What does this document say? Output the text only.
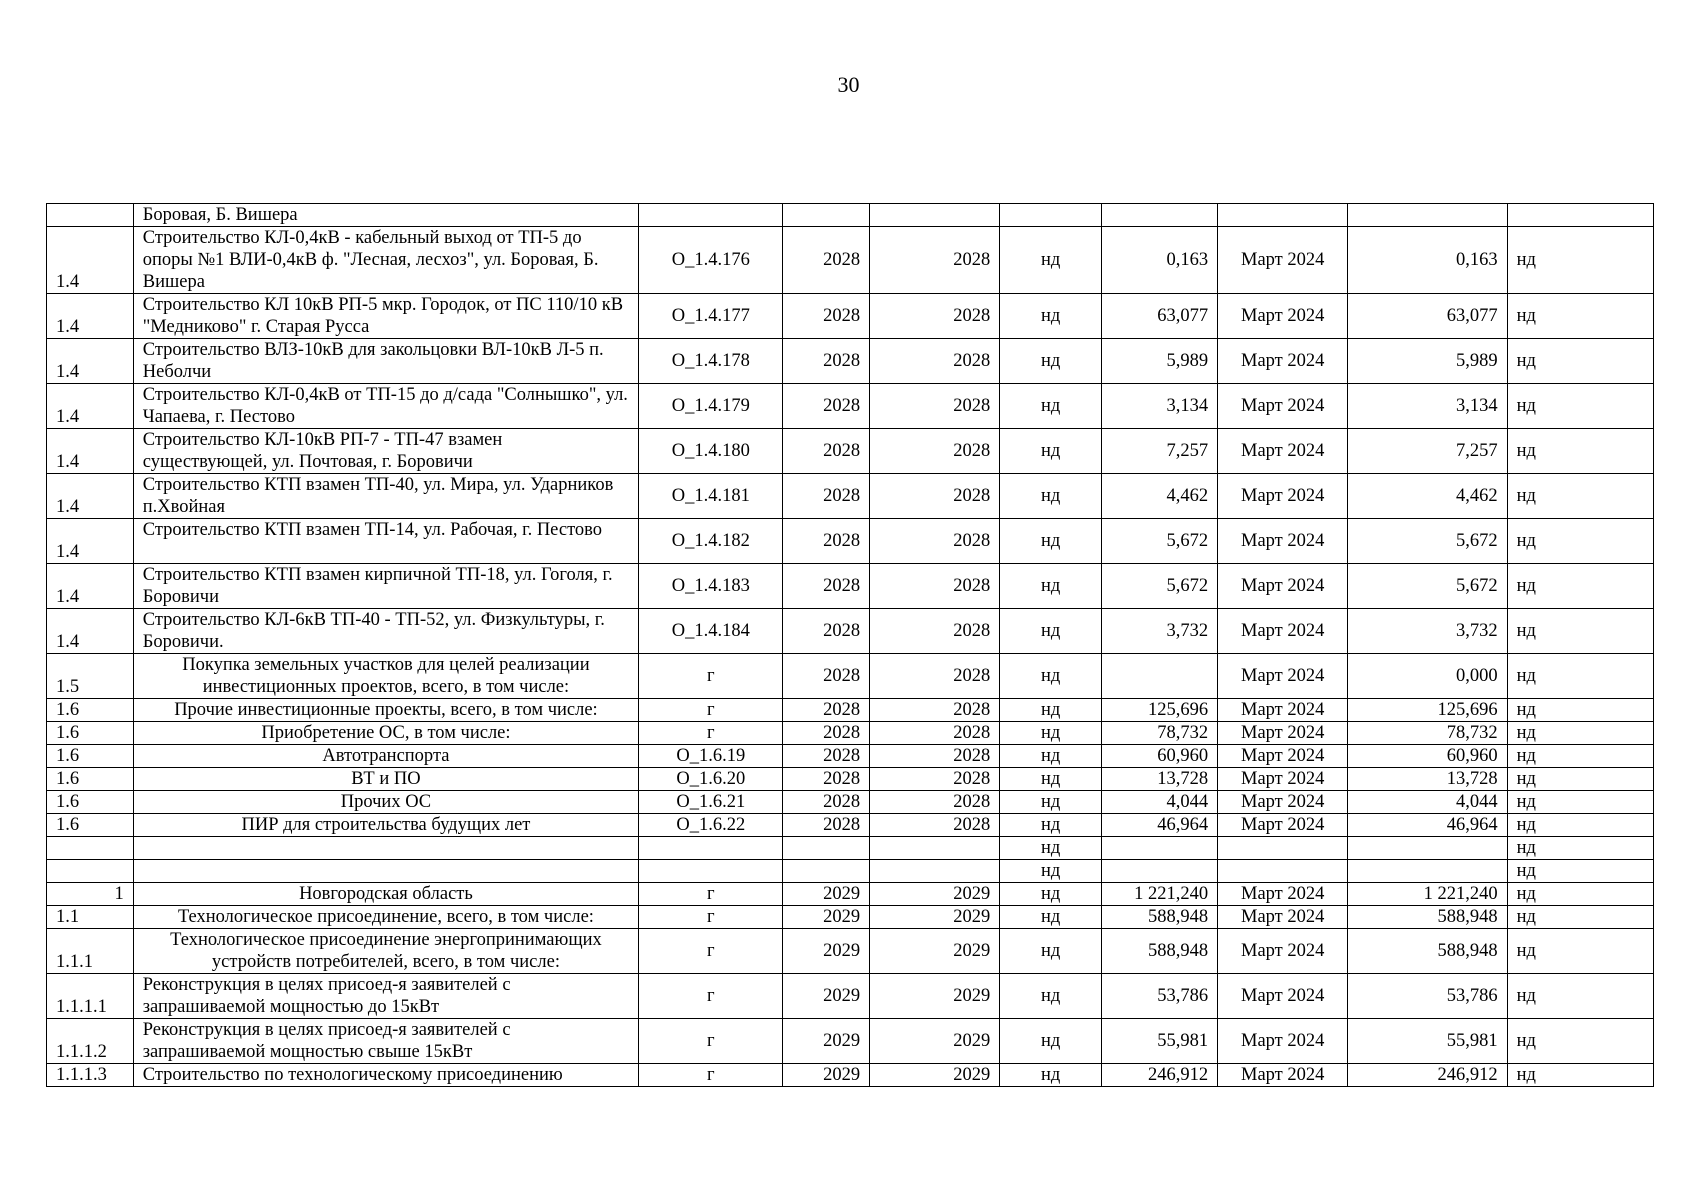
30
	Боровая, Б. Вишера								
1.4	Строительство КЛ-0,4кВ - кабельный выход от ТП-5 до опоры №1 ВЛИ-0,4кВ ф. "Лесная, лесхоз", ул. Боровая, Б. Вишера	О_1.4.176	2028	2028	нд	0,163	Март 2024	0,163	нд
1.4	Строительство КЛ 10кВ РП-5 мкр. Городок, от ПС 110/10 кВ "Медниково" г. Старая Русса	О_1.4.177	2028	2028	нд	63,077	Март 2024	63,077	нд
1.4	Строительство ВЛЗ-10кВ для закольцовки ВЛ-10кВ Л-5 п. Неболчи	О_1.4.178	2028	2028	нд	5,989	Март 2024	5,989	нд
1.4	Строительство КЛ-0,4кВ от ТП-15 до д/сада "Солнышко", ул. Чапаева, г. Пестово	О_1.4.179	2028	2028	нд	3,134	Март 2024	3,134	нд
1.4	Строительство КЛ-10кВ РП-7 - ТП-47 взамен существующей, ул. Почтовая, г. Боровичи	О_1.4.180	2028	2028	нд	7,257	Март 2024	7,257	нд
1.4	Строительство КТП взамен ТП-40, ул. Мира, ул. Ударников п.Хвойная	О_1.4.181	2028	2028	нд	4,462	Март 2024	4,462	нд
1.4	Строительство КТП взамен ТП-14, ул. Рабочая, г. Пестово	О_1.4.182	2028	2028	нд	5,672	Март 2024	5,672	нд
1.4	Строительство КТП взамен кирпичной ТП-18, ул. Гоголя, г. Боровичи	О_1.4.183	2028	2028	нд	5,672	Март 2024	5,672	нд
1.4	Строительство КЛ-6кВ ТП-40 - ТП-52, ул. Физкультуры, г. Боровичи.	О_1.4.184	2028	2028	нд	3,732	Март 2024	3,732	нд
1.5	Покупка земельных участков для целей реализации инвестиционных проектов, всего, в том числе:	г	2028	2028	нд		Март 2024	0,000	нд
1.6	Прочие инвестиционные проекты, всего, в том числе:	г	2028	2028	нд	125,696	Март 2024	125,696	нд
1.6	Приобретение ОС, в том числе:	г	2028	2028	нд	78,732	Март 2024	78,732	нд
1.6	Автотранспорта	О_1.6.19	2028	2028	нд	60,960	Март 2024	60,960	нд
1.6	ВТ и ПО	О_1.6.20	2028	2028	нд	13,728	Март 2024	13,728	нд
1.6	Прочих ОС	О_1.6.21	2028	2028	нд	4,044	Март 2024	4,044	нд
1.6	ПИР для строительства будущих лет	О_1.6.22	2028	2028	нд	46,964	Март 2024	46,964	нд
					нд				нд
					нд				нд
1	Новгородская область	г	2029	2029	нд	1 221,240	Март 2024	1 221,240	нд
1.1	Технологическое присоединение, всего, в том числе:	г	2029	2029	нд	588,948	Март 2024	588,948	нд
1.1.1	Технологическое присоединение энергопринимающих устройств потребителей, всего, в том числе:	г	2029	2029	нд	588,948	Март 2024	588,948	нд
1.1.1.1	Реконструкция в целях присоед-я заявителей с запрашиваемой мощностью до 15кВт	г	2029	2029	нд	53,786	Март 2024	53,786	нд
1.1.1.2	Реконструкция в целях присоед-я заявителей с запрашиваемой мощностью свыше 15кВт	г	2029	2029	нд	55,981	Март 2024	55,981	нд
1.1.1.3	Строительство по технологическому присоединению	г	2029	2029	нд	246,912	Март 2024	246,912	нд
